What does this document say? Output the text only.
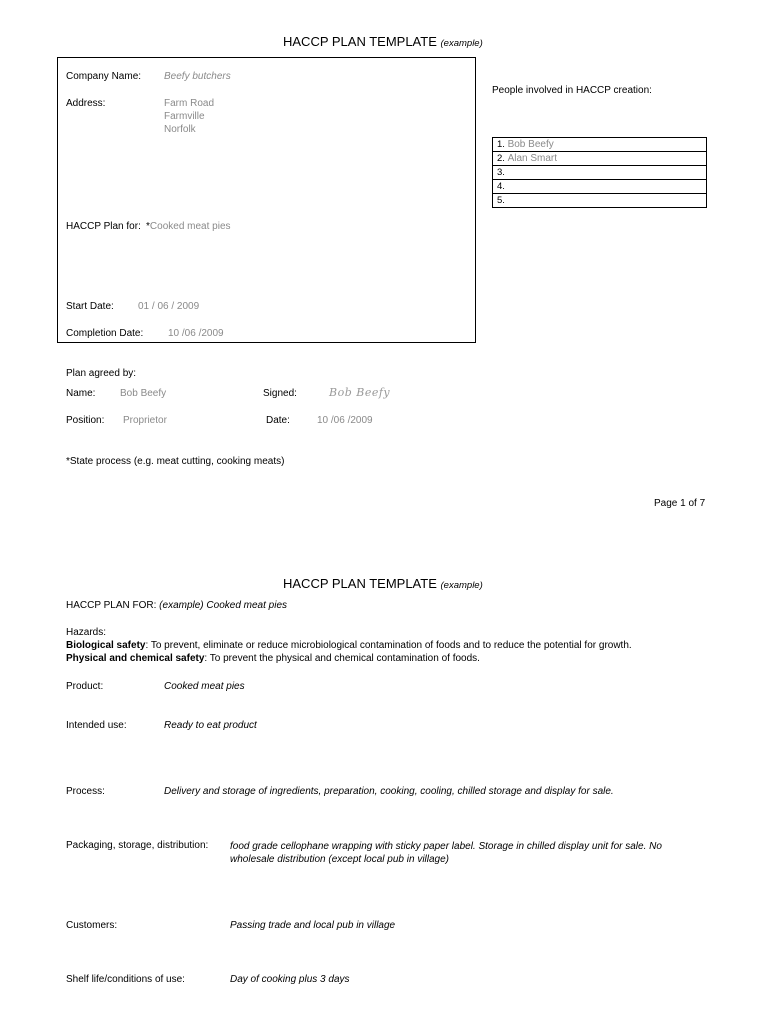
HACCP PLAN TEMPLATE (example)
Company Name: Beefy butchers
Address:	Farm Road
Farmville
Norfolk
HACCP Plan for: *Cooked meat pies
Start Date: 01 / 06 / 2009
Completion Date: 10 /06 /2009
People involved in HACCP creation:
1. Bob Beefy
2. Alan Smart
3.
4.
5.
Plan agreed by:
Name: Bob Beefy	Signed:	Bob Beefy
Position: Proprietor	Date:	10 /06 /2009
*State process (e.g. meat cutting, cooking meats)
Page 1 of 7
HACCP PLAN TEMPLATE (example)
HACCP PLAN FOR: (example) Cooked meat pies
Hazards:
Biological safety: To prevent, eliminate or reduce microbiological contamination of foods and to reduce the potential for growth.
Physical and chemical safety: To prevent the physical and chemical contamination of foods.
Product:	Cooked meat pies
Intended use:	Ready to eat product
Process:	Delivery and storage of ingredients, preparation, cooking, cooling, chilled storage and display for sale.
Packaging, storage, distribution: food grade cellophane wrapping with sticky paper label. Storage in chilled display unit for sale. No wholesale distribution (except local pub in village)
Customers:	Passing trade and local pub in village
Shelf life/conditions of use:	Day of cooking plus 3 days
